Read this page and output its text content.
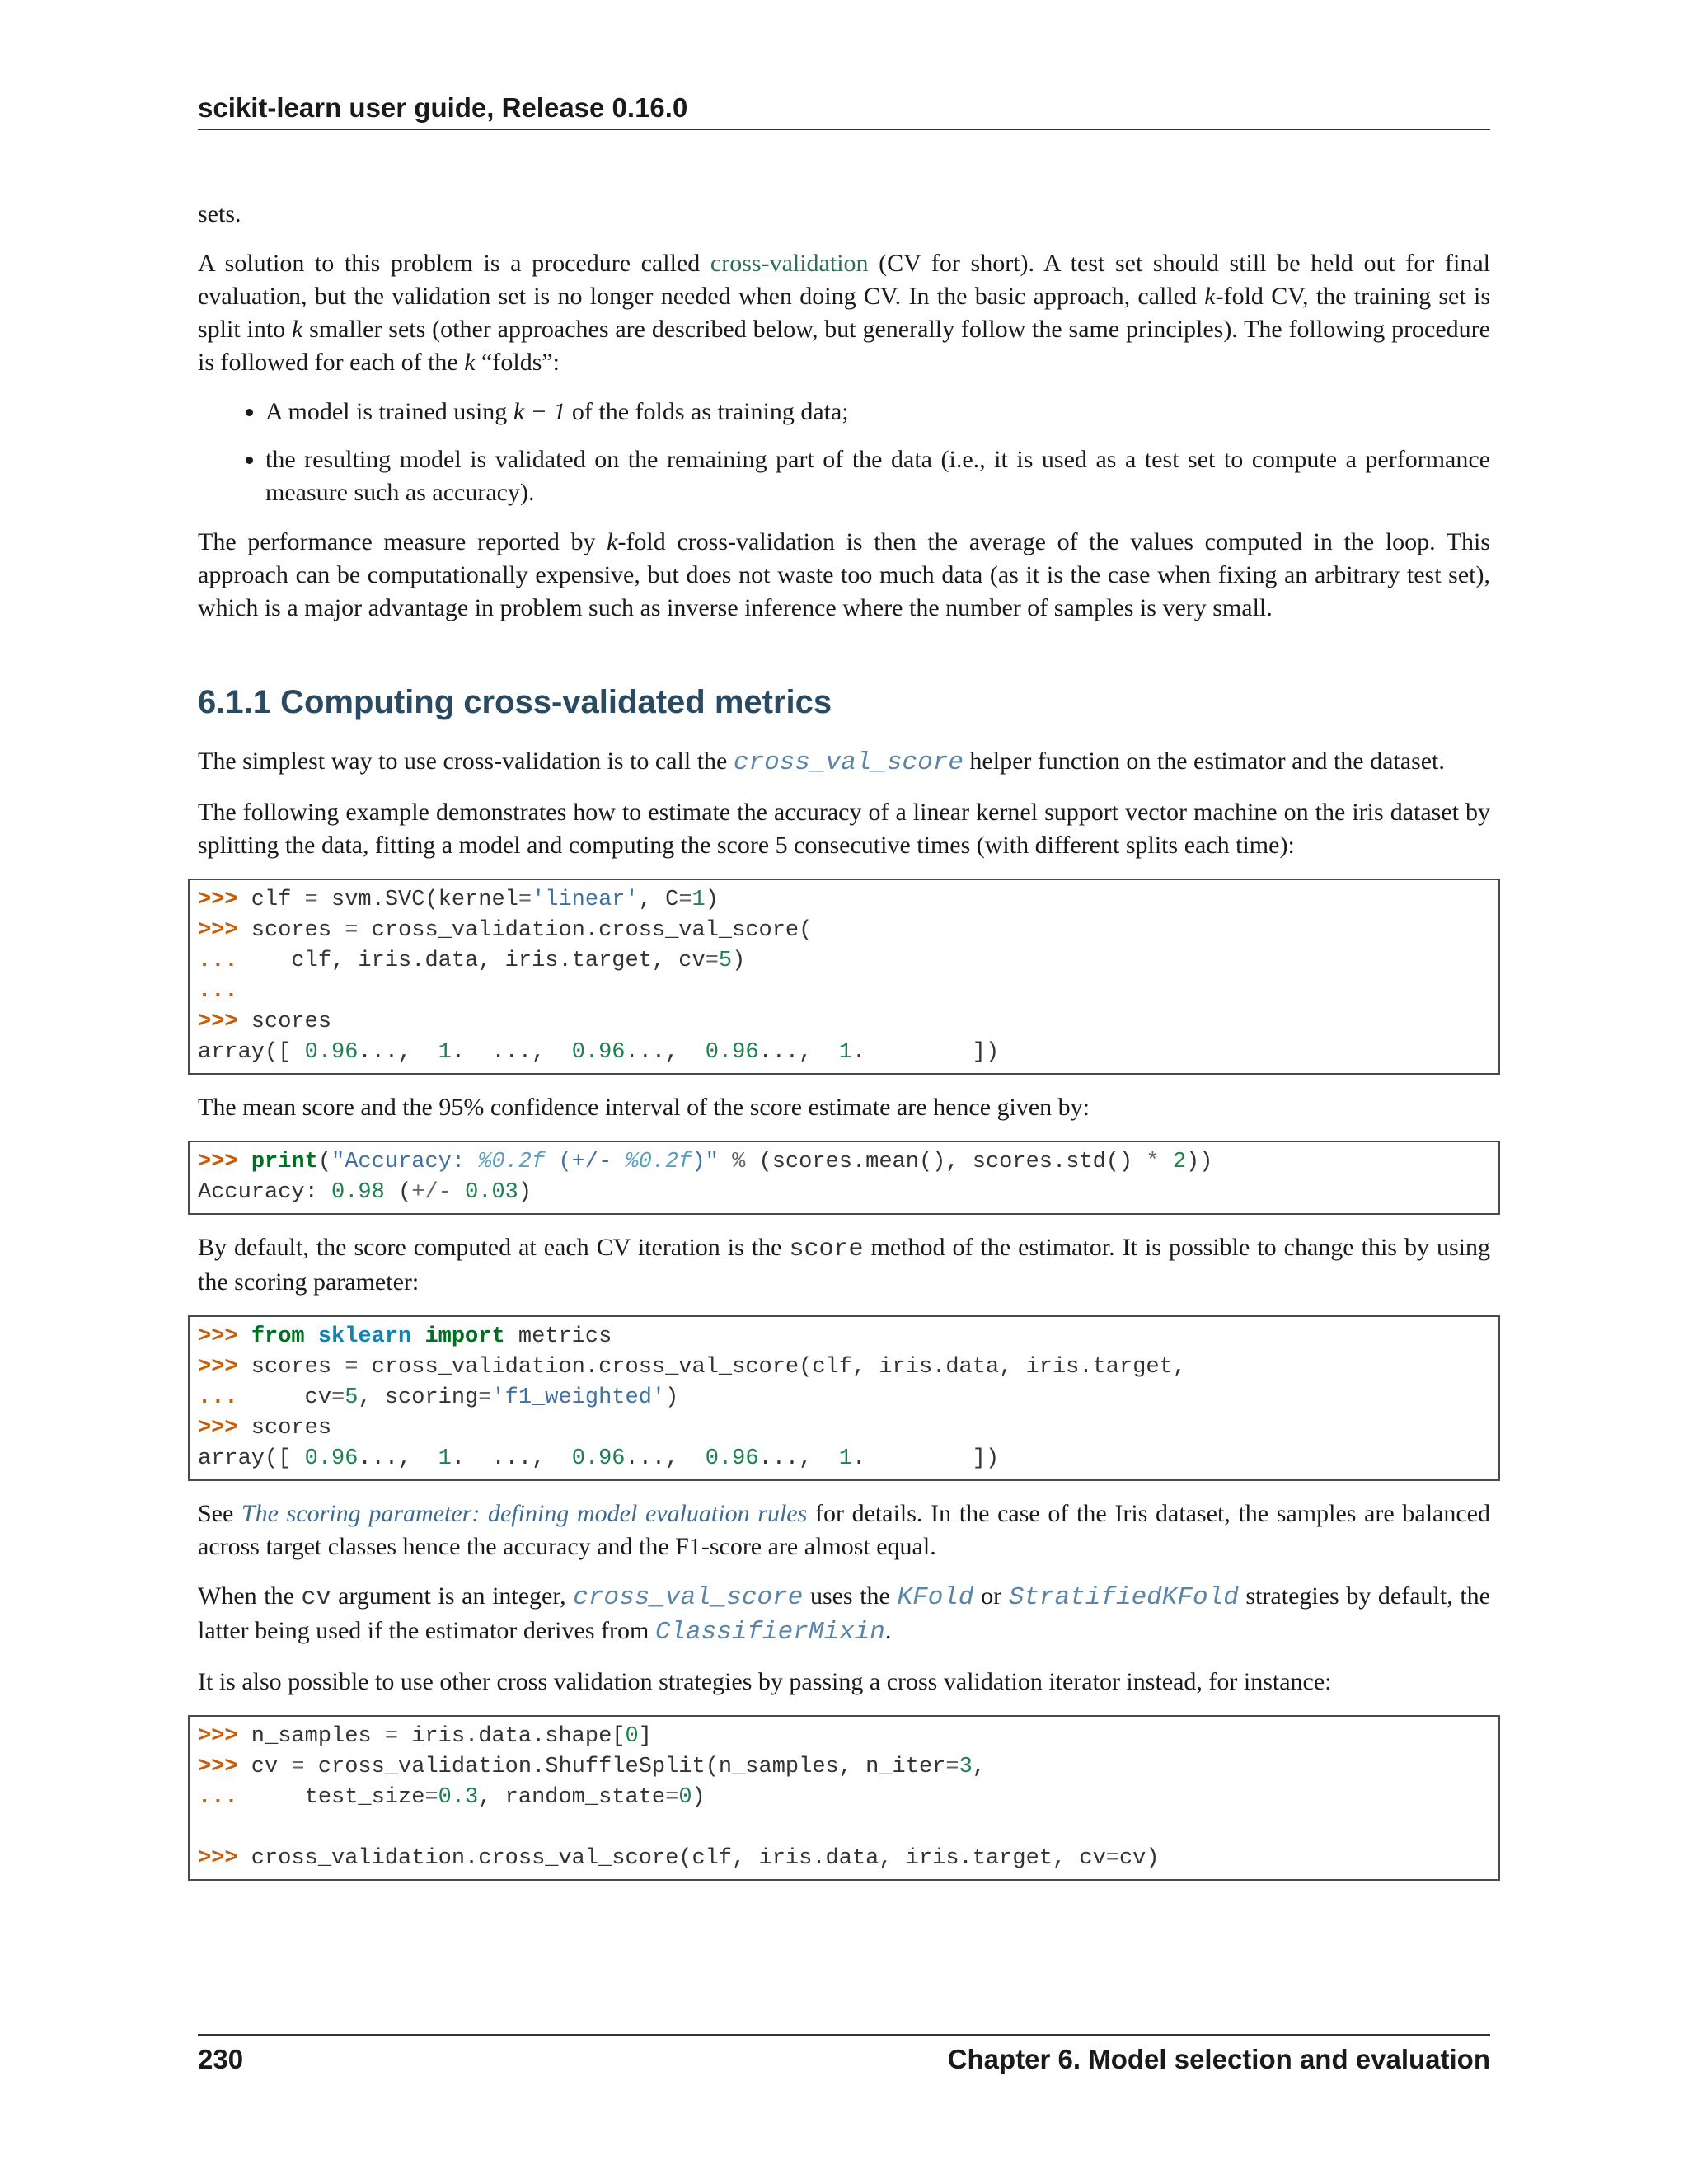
scikit-learn user guide, Release 0.16.0

sets.

A solution to this problem is a procedure called cross-validation (CV for short). A test set should still be held out for final evaluation, but the validation set is no longer needed when doing CV. In the basic approach, called k-fold CV, the training set is split into k smaller sets (other approaches are described below, but generally follow the same principles). The following procedure is followed for each of the k “folds”:

• A model is trained using k − 1 of the folds as training data;
• the resulting model is validated on the remaining part of the data (i.e., it is used as a test set to compute a performance measure such as accuracy).

The performance measure reported by k-fold cross-validation is then the average of the values computed in the loop. This approach can be computationally expensive, but does not waste too much data (as it is the case when fixing an arbitrary test set), which is a major advantage in problem such as inverse inference where the number of samples is very small.

6.1.1 Computing cross-validated metrics

The simplest way to use cross-validation is to call the cross_val_score helper function on the estimator and the dataset.

The following example demonstrates how to estimate the accuracy of a linear kernel support vector machine on the iris dataset by splitting the data, fitting a model and computing the score 5 consecutive times (with different splits each time):

>>> clf = svm.SVC(kernel='linear', C=1)
>>> scores = cross_validation.cross_val_score(
...    clf, iris.data, iris.target, cv=5)
...
>>> scores
array([ 0.96...,  1.  ...,  0.96...,  0.96...,  1.        ])

The mean score and the 95% confidence interval of the score estimate are hence given by:

>>> print("Accuracy: %0.2f (+/- %0.2f)" % (scores.mean(), scores.std() * 2))
Accuracy: 0.98 (+/- 0.03)

By default, the score computed at each CV iteration is the score method of the estimator. It is possible to change this by using the scoring parameter:

>>> from sklearn import metrics
>>> scores = cross_validation.cross_val_score(clf, iris.data, iris.target,
...     cv=5, scoring='f1_weighted')
>>> scores
array([ 0.96...,  1.  ...,  0.96...,  0.96...,  1.        ])

See The scoring parameter: defining model evaluation rules for details. In the case of the Iris dataset, the samples are balanced across target classes hence the accuracy and the F1-score are almost equal.

When the cv argument is an integer, cross_val_score uses the KFold or StratifiedKFold strategies by default, the latter being used if the estimator derives from ClassifierMixin.

It is also possible to use other cross validation strategies by passing a cross validation iterator instead, for instance:

>>> n_samples = iris.data.shape[0]
>>> cv = cross_validation.ShuffleSplit(n_samples, n_iter=3,
...     test_size=0.3, random_state=0)
>>> cross_validation.cross_val_score(clf, iris.data, iris.target, cv=cv)
230	Chapter 6. Model selection and evaluation
